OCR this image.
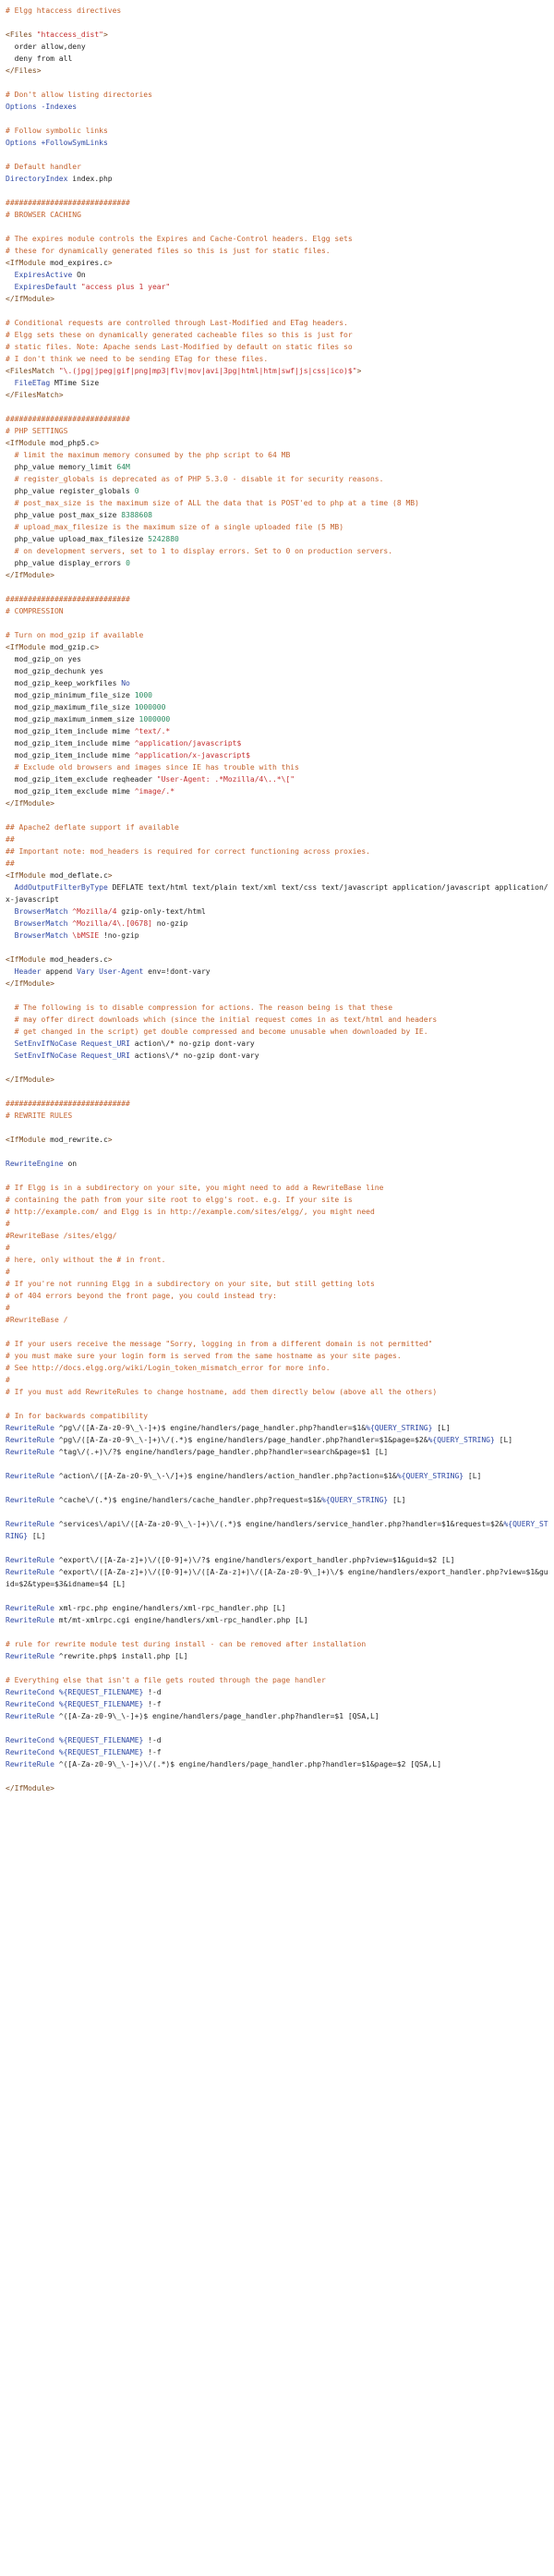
# Elgg htaccess directives
<Files "htaccess_dist">
order allow,deny
deny from all
</Files>
# Don't allow listing directories
Options -Indexes
# Follow symbolic links
Options +FollowSymLinks
# Default handler
DirectoryIndex index.php
############################
# BROWSER CACHING
# The expires module controls the Expires and Cache-Control headers. Elgg sets
# these for dynamically generated files so this is just for static files.
<IfModule mod_expires.c>
ExpiresActive On
ExpiresDefault "access plus 1 year"
</IfModule>
# Conditional requests are controlled through Last-Modified and ETag headers.
# Elgg sets these on dynamically generated cacheable files so this is just for
# static files. Note: Apache sends Last-Modified by default on static files so
# I don't think we need to be sending ETag for these files.
<FilesMatch "\.(jpg|jpeg|gif|png|mp3|flv|mov|avi|3pg|html|htm|swf|js|css|ico)$">
FileETag MTime Size
</FilesMatch>
############################
# PHP SETTINGS
<IfModule mod_php5.c>
# limit the maximum memory consumed by the php script to 64 MB
php_value memory_limit 64M
# register_globals is deprecated as of PHP 5.3.0 - disable it for security reasons.
php_value register_globals 0
# post_max_size is the maximum size of ALL the data that is POST'ed to php at a time (8 MB)
php_value post_max_size 8388608
# upload_max_filesize is the maximum size of a single uploaded file (5 MB)
php_value upload_max_filesize 5242880
# on development servers, set to 1 to display errors. Set to 0 on production servers.
php_value display_errors 0
</IfModule>
############################
# COMPRESSION
# Turn on mod_gzip if available
<IfModule mod_gzip.c>
mod_gzip_on yes
mod_gzip_dechunk yes
mod_gzip_keep_workfiles No
mod_gzip_minimum_file_size 1000
mod_gzip_maximum_file_size 1000000
mod_gzip_maximum_inmem_size 1000000
mod_gzip_item_include mime ^text/.*
mod_gzip_item_include mime ^application/javascript$
mod_gzip_item_include mime ^application/x-javascript$
# Exclude old browsers and images since IE has trouble with this
mod_gzip_item_exclude reqheader "User-Agent: .*Mozilla/4\..*\["
mod_gzip_item_exclude mime ^image/.*
</IfModule>
## Apache2 deflate support if available
##
## Important note: mod_headers is required for correct functioning across proxies.
##
<IfModule mod_deflate.c>
AddOutputFilterByType DEFLATE text/html text/plain text/xml text/css text/javascript application/javascript application/x-javascript
BrowserMatch ^Mozilla/4 gzip-only-text/html
BrowserMatch ^Mozilla/4\.[0678] no-gzip
BrowserMatch \bMSIE !no-gzip
<IfModule mod_headers.c>
Header append Vary User-Agent env=!dont-vary
</IfModule>
# The following is to disable compression for actions. The reason being is that these
# may offer direct downloads which (since the initial request comes in as text/html and headers
# get changed in the script) get double compressed and become unusable when downloaded by IE.
SetEnvIfNoCase Request_URI action\/* no-gzip dont-vary
SetEnvIfNoCase Request_URI actions\/* no-gzip dont-vary
</IfModule>
############################
# REWRITE RULES
<IfModule mod_rewrite.c>
RewriteEngine on
# If Elgg is in a subdirectory on your site, you might need to add a RewriteBase line
# containing the path from your site root to elgg's root. e.g. If your site is
# http://example.com/ and Elgg is in http://example.com/sites/elgg/, you might need
#
#RewriteBase /sites/elgg/
#
# here, only without the # in front.
#
# If you're not running Elgg in a subdirectory on your site, but still getting lots
# of 404 errors beyond the front page, you could instead try:
#
#RewriteBase /
# If your users receive the message "Sorry, logging in from a different domain is not permitted"
# you must make sure your login form is served from the same hostname as your site pages.
# See http://docs.elgg.org/wiki/Login_token_mismatch_error for more info.
#
# If you must add RewriteRules to change hostname, add them directly below (above all the others)
# In for backwards compatibility
RewriteRule ^pg\/([A-Za-z0-9\_\-]+)$ engine/handlers/page_handler.php?handler=$1&%{QUERY_STRING} [L]
RewriteRule ^pg\/([A-Za-z0-9\_\-]+)\/(.*)$ engine/handlers/page_handler.php?handler=$1&page=$2&%{QUERY_STRING} [L]
RewriteRule ^tag\/(.+)\/?$ engine/handlers/page_handler.php?handler=search&page=$1 [L]
RewriteRule ^action\/([A-Za-z0-9\_\-\/]+)$ engine/handlers/action_handler.php?action=$1&%{QUERY_STRING} [L]
RewriteRule ^cache\/(.*)$ engine/handlers/cache_handler.php?request=$1&%{QUERY_STRING} [L]
RewriteRule ^services\/api\/([A-Za-z0-9\_\-]+)\/(.*)$ engine/handlers/service_handler.php?handler=$1&request=$2&%{QUERY_STRING} [L]
RewriteRule ^export\/([A-Za-z]+)\/([0-9]+)\/?$ engine/handlers/export_handler.php?view=$1&guid=$2 [L]
RewriteRule ^export\/([A-Za-z]+)\/([0-9]+)\/([A-Za-z]+)\/([A-Za-z0-9\_]+)\/$ engine/handlers/export_handler.php?view=$1&guid=$2&type=$3&idname=$4 [L]
RewriteRule xml-rpc.php engine/handlers/xml-rpc_handler.php [L]
RewriteRule mt/mt-xmlrpc.cgi engine/handlers/xml-rpc_handler.php [L]
# rule for rewrite module test during install - can be removed after installation
RewriteRule ^rewrite.php$ install.php [L]
# Everything else that isn't a file gets routed through the page handler
RewriteCond %{REQUEST_FILENAME} !-d
RewriteCond %{REQUEST_FILENAME} !-f
RewriteRule ^([A-Za-z0-9\_\-]+)$ engine/handlers/page_handler.php?handler=$1 [QSA,L]
RewriteCond %{REQUEST_FILENAME} !-d
RewriteCond %{REQUEST_FILENAME} !-f
RewriteRule ^([A-Za-z0-9\_\-]+)\/(.*)$ engine/handlers/page_handler.php?handler=$1&page=$2 [QSA,L]
</IfModule>
